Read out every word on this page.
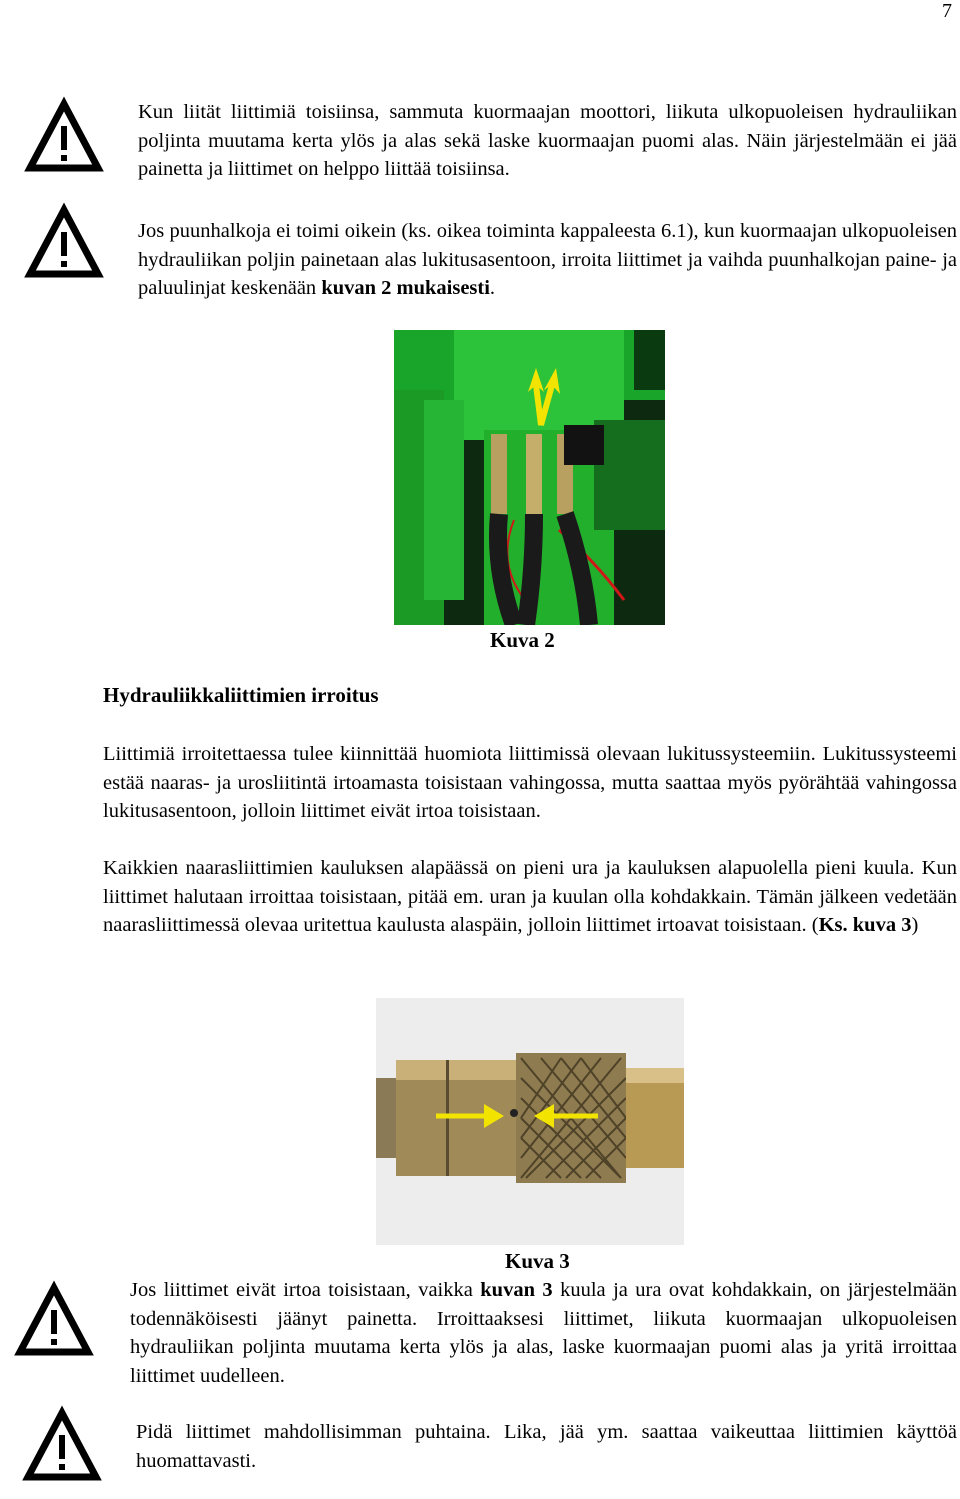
7
Kun liität liittimiä toisiinsa, sammuta kuormaajan moottori, liikuta ulkopuoleisen hydrauliikan poljinta muutama kerta ylös ja alas sekä laske kuormaajan puomi alas. Näin järjestelmään ei jää painetta ja liittimet on helppo liittää toisiinsa.
Jos puunhalkoja ei toimi oikein (ks. oikea toiminta kappaleesta 6.1), kun kuormaajan ulkopuoleisen hydrauliikan poljin painetaan alas lukitusasentoon, irroita liittimet ja vaihda puunhalkojan paine- ja paluulinjat keskenään kuvan 2 mukaisesti.
Kuva 2
Hydrauliikkaliittimien irroitus
Liittimiä irroitettaessa tulee kiinnittää huomiota liittimissä olevaan lukitussysteemiin. Lukitussysteemi estää naaras- ja urosliitintä irtoamasta toisistaan vahingossa, mutta saattaa myös pyörähtää vahingossa lukitusasentoon, jolloin liittimet eivät irtoa toisistaan.
Kaikkien naarasliittimien kauluksen alapäässä on pieni ura ja kauluksen alapuolella pieni kuula. Kun liittimet halutaan irroittaa toisistaan, pitää em. uran ja kuulan olla kohdakkain. Tämän jälkeen vedetään naarasliittimessä olevaa uritettua kaulusta alaspäin, jolloin liittimet irtoavat toisistaan. (Ks. kuva 3)
Kuva 3
Jos liittimet eivät irtoa toisistaan, vaikka kuvan 3 kuula ja ura ovat kohdakkain, on järjestelmään todennäköisesti jäänyt painetta. Irroittaaksesi liittimet, liikuta kuormaajan ulkopuoleisen hydrauliikan poljinta muutama kerta ylös ja alas, laske kuormaajan puomi alas ja yritä irroittaa liittimet uudelleen.
Pidä liittimet mahdollisimman puhtaina. Lika, jää ym. saattaa vaikeuttaa liittimien käyttöä huomattavasti.
